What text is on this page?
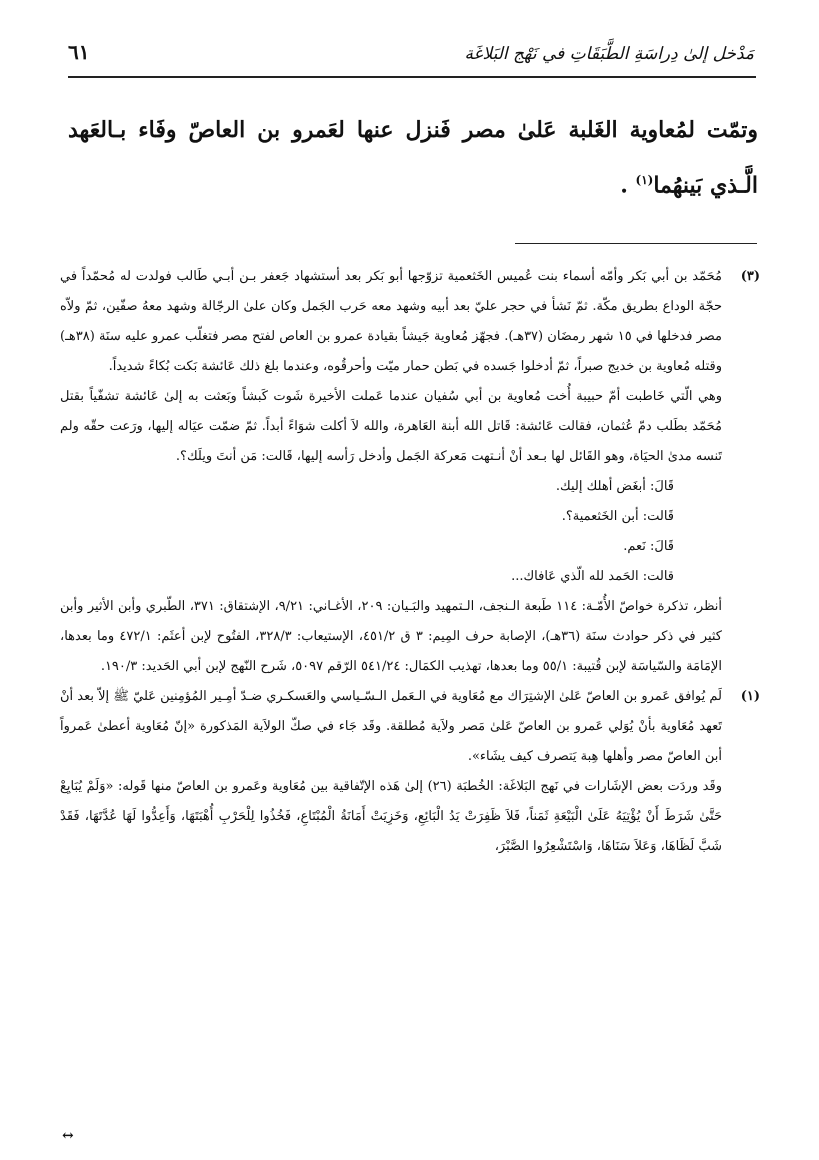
٦١	مَدْخل إلىٰ دِراسَةِ الطَّبَقَاتِ في نَهْج البَلاغَة
وتمّت لمُعاوية الغَلبة عَلىٰ مصر فَنزل عنها لعَمرو بن العاصّ وفَاء بـالعَهد الَّـذي بَينهُما$^{(١)}$ .
(٣)

مُحَمّد بن أبي بَكر وأمّه أسماء بنت عُميس الخَثعمية تزوّجها أبو بَكر بعد أستشهاد جَعفر بـن أبـي طَالب فولدت له مُحمّداً في حجّة الوداع بطريق مكّة. ثمّ نَشأ في حجر عليّ بعد أبيه وشهد معه حَرب الجَمل وكان علىٰ الرجّالة وشهد معهُ صفّين، ثمّ ولاّه مصر فدخلها في ١٥ شهر رمضَان (٣٧هـ). فجهّز مُعاوية جَيشاً بقيادة عمرو بن العاص لفتح مصر فتغلّب عمرو عليه سنَة (٣٨هـ) وقتله مُعاوية بن خديج صبراً، ثمّ أدخلوا جَسده في بَطن حمار ميّت وأحرقُوه، وعندما بلغ ذلك عَائشة بَكت بُكاءً شديداً.

وهي الّتي خَاطبت أمّ حبيبة أُخت مُعاوية بن أبي سُفيان عندما عَملت الأخيرة شَوت كَبشاً وبَعثت به إلىٰ عَائشة تشفّياً بقتل مُحَمّد بطَلب دمّ عُثمان، فقالت عَائشة: قَاتل الله أبنة العَاهرة، والله لاَ أكلت شوَاءً أبداً. ثمّ ضمّت عيَاله إليها، ورَعت حقّه ولم تَنسه مدىٰ الحيَاة، وهو القَائل لها بـعد أنْ أنـتهت مَعركة الجَمل وأدخل رَأسه إليها، قَالت: مَن أنتَ ويلَك؟.

قَالَ: أبغَض أهلك إليك.

قَالت: أبن الخَثعمية؟.

قَالَ: نَعم.

قالت: الحَمد لله الّذي عَافاك...

أنظر، تذكرة خواصّ الأُمّـة: ١١٤ طَبعة الـنجف، الـتمهيد والبَـيان: ٢٠٩، الأغـاني: ٩/٢١، الإشتقاق: ٣٧١، الطّبري وأبن الأثير وأبن كثير في ذكر حوادث سنَة (٣٦هـ)، الإصابة حرف المِيم: ٣ ق ٤٥١/٢، الإستيعاب: ٣٢٨/٣، الفتُوح لإبن أعثَم: ٤٧٢/١ وما بعدها، الإمَامَة والسّياسَة لإبن قُتيبة: ٥٥/١ وما بعدها، تهذيب الكمَال: ٥٤١/٢٤ الرّقم ٥٠٩٧، شَرح النّهج لإبن أبي الحَديد: ١٩٠/٣.

(١)

لَم يُوافق عَمرو بن العاصّ عَلىٰ الإشتِرَاك مع مُعَاوية في الـعَمل الـسّـياسي والعَسكـري ضـدّ أمِـير المُؤمِنين عَليّ ﷺ إلاّ بعد أنْ تَعهد مُعَاوية بأنْ يُوَلي عَمرو بن العاصّ عَلىٰ مَصر ولاَية مُطلقة. وقَد جَاء في صكّ الولاَية المَذكورة «إنّ مُعَاوية أعطىٰ عَمرواً أبن العاصّ مصر وأهلها هِبة يَتصرف كيف يشَاء».

وقَد وردَت بعض الإشَارات في نَهج البَلاغَة: الخُطبَة (٢٦) إلىٰ هَذه الإتّفاقية بين مُعَاوية وعَمرو بن العاصّ منها قَوله: «وَلَمْ يُبَايِعْ حَتَّىٰ شَرَطَ أَنْ يُؤْتِيَهُ عَلَىٰ الْبَيْعَةِ ثَمَناً، فَلاَ ظَفِرَتْ يَدُ الْبَائِعِ، وَخَزِيَتْ أَمَانَةُ الْمُبْتَاعِ، فَخُذُوا لِلْحَرْبِ أُهْبَتَهَا، وَأَعِدُّوا لَهَا عُدَّتَهَا، فَقَدْ شَبَّ لَظَاهَا، وَعَلاَ سَنَاهَا، وَاسْتَشْعِرُوا الصَّبْرَ،

↔
